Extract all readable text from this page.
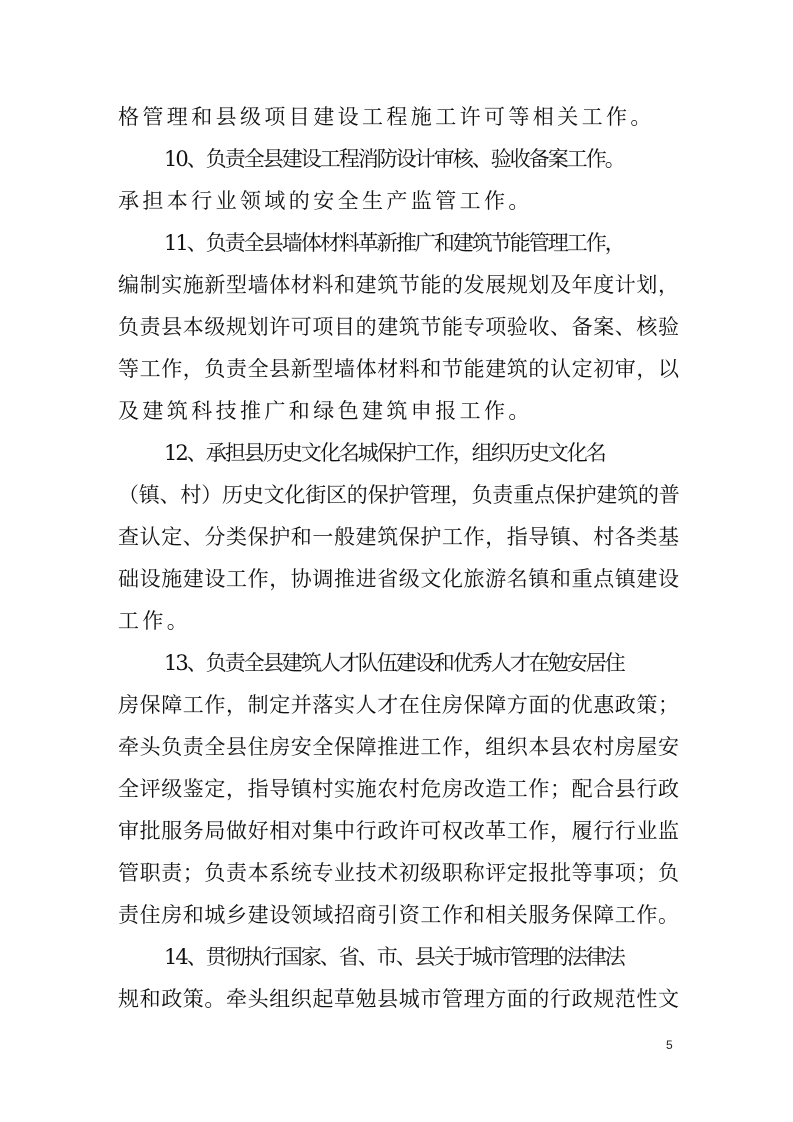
格管理和县级项目建设工程施工许可等相关工作。
10、负责全县建设工程消防设计审核、验收备案工作。
承担本行业领域的安全生产监管工作。
11、负责全县墙体材料革新推广和建筑节能管理工作，
编制实施新型墙体材料和建筑节能的发展规划及年度计划，
负责县本级规划许可项目的建筑节能专项验收、备案、核验
等工作，负责全县新型墙体材料和节能建筑的认定初审，以
及建筑科技推广和绿色建筑申报工作。
12、承担县历史文化名城保护工作，组织历史文化名
（镇、村）历史文化街区的保护管理，负责重点保护建筑的普
查认定、分类保护和一般建筑保护工作，指导镇、村各类基
础设施建设工作，协调推进省级文化旅游名镇和重点镇建设
工作。
13、负责全县建筑人才队伍建设和优秀人才在勉安居住
房保障工作，制定并落实人才在住房保障方面的优惠政策；
牵头负责全县住房安全保障推进工作，组织本县农村房屋安
全评级鉴定，指导镇村实施农村危房改造工作；配合县行政
审批服务局做好相对集中行政许可权改革工作，履行行业监
管职责；负责本系统专业技术初级职称评定报批等事项；负
责住房和城乡建设领域招商引资工作和相关服务保障工作。
14、贯彻执行国家、省、市、县关于城市管理的法律法
规和政策。牵头组织起草勉县城市管理方面的行政规范性文
5
